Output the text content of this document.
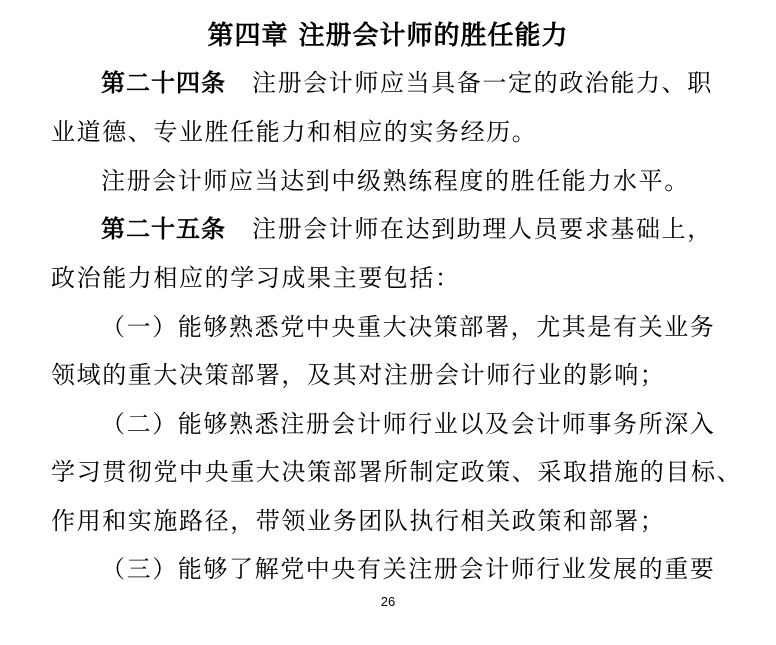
第四章 注册会计师的胜任能力
第二十四条 注册会计师应当具备一定的政治能力、职
业道德、专业胜任能力和相应的实务经历。
注册会计师应当达到中级熟练程度的胜任能力水平。
第二十五条 注册会计师在达到助理人员要求基础上，
政治能力相应的学习成果主要包括：
（一）能够熟悉党中央重大决策部署，尤其是有关业务
领域的重大决策部署，及其对注册会计师行业的影响；
（二）能够熟悉注册会计师行业以及会计师事务所深入
学习贯彻党中央重大决策部署所制定政策、采取措施的目标、
作用和实施路径，带领业务团队执行相关政策和部署；
（三）能够了解党中央有关注册会计师行业发展的重要
26
